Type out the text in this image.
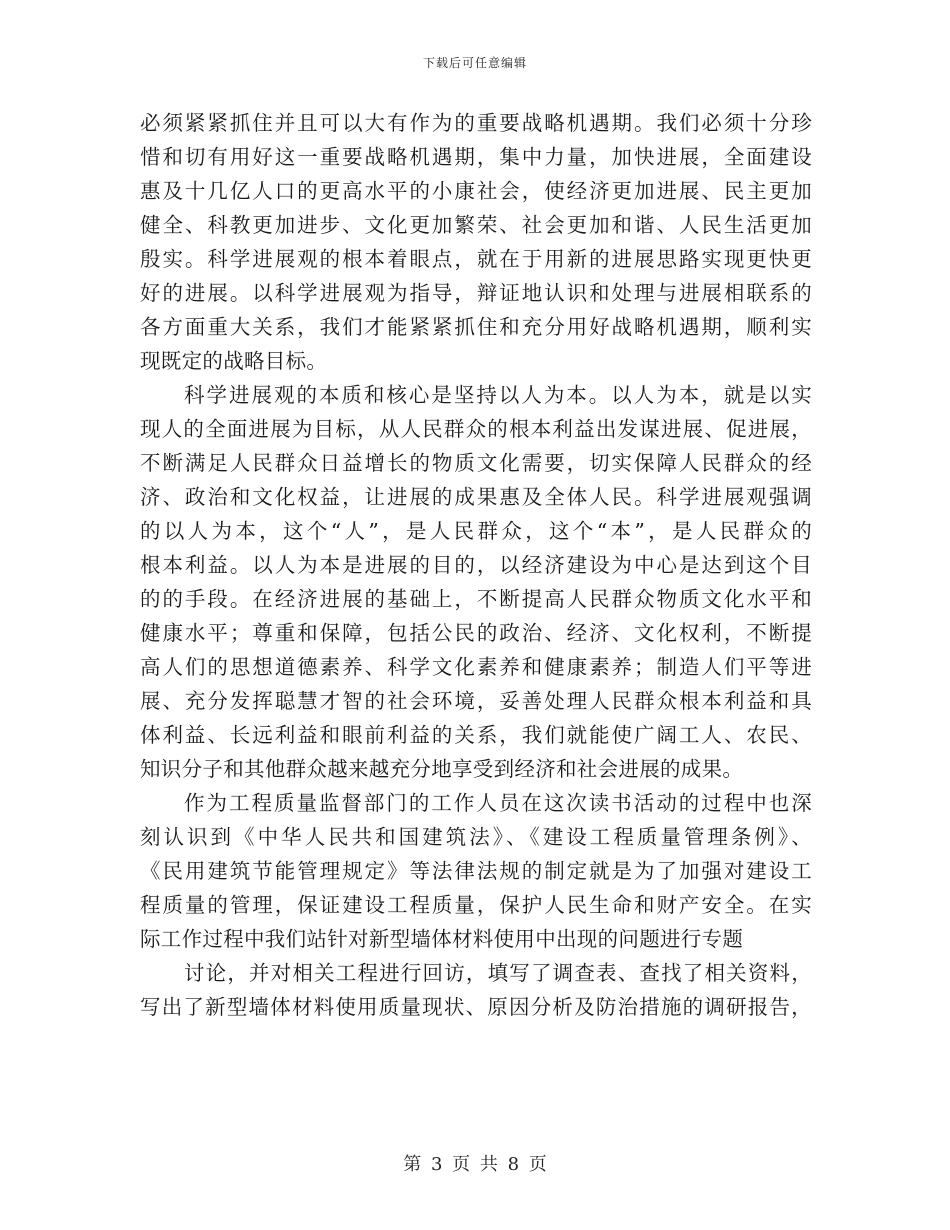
下载后可任意编辑
必须紧紧抓住并且可以大有作为的重要战略机遇期。我们必须十分珍
惜和切有用好这一重要战略机遇期，集中力量，加快进展，全面建设
惠及十几亿人口的更高水平的小康社会，使经济更加进展、民主更加
健全、科教更加进步、文化更加繁荣、社会更加和谐、人民生活更加
殷实。科学进展观的根本着眼点，就在于用新的进展思路实现更快更
好的进展。以科学进展观为指导，辩证地认识和处理与进展相联系的
各方面重大关系，我们才能紧紧抓住和充分用好战略机遇期，顺利实
现既定的战略目标。
科学进展观的本质和核心是坚持以人为本。以人为本，就是以实
现人的全面进展为目标，从人民群众的根本利益出发谋进展、促进展，
不断满足人民群众日益增长的物质文化需要，切实保障人民群众的经
济、政治和文化权益，让进展的成果惠及全体人民。科学进展观强调
的以人为本，这个“人”，是人民群众，这个“本”，是人民群众的
根本利益。以人为本是进展的目的，以经济建设为中心是达到这个目
的的手段。在经济进展的基础上，不断提高人民群众物质文化水平和
健康水平；尊重和保障，包括公民的政治、经济、文化权利，不断提
高人们的思想道德素养、科学文化素养和健康素养；制造人们平等进
展、充分发挥聪慧才智的社会环境，妥善处理人民群众根本利益和具
体利益、长远利益和眼前利益的关系，我们就能使广阔工人、农民、
知识分子和其他群众越来越充分地享受到经济和社会进展的成果。
作为工程质量监督部门的工作人员在这次读书活动的过程中也深
刻认识到《中华人民共和国建筑法》、《建设工程质量管理条例》、
《民用建筑节能管理规定》等法律法规的制定就是为了加强对建设工
程质量的管理，保证建设工程质量，保护人民生命和财产安全。在实
际工作过程中我们站针对新型墙体材料使用中出现的问题进行专题
讨论，并对相关工程进行回访，填写了调查表、查找了相关资料，
写出了新型墙体材料使用质量现状、原因分析及防治措施的调研报告，
第 3 页 共 8 页
